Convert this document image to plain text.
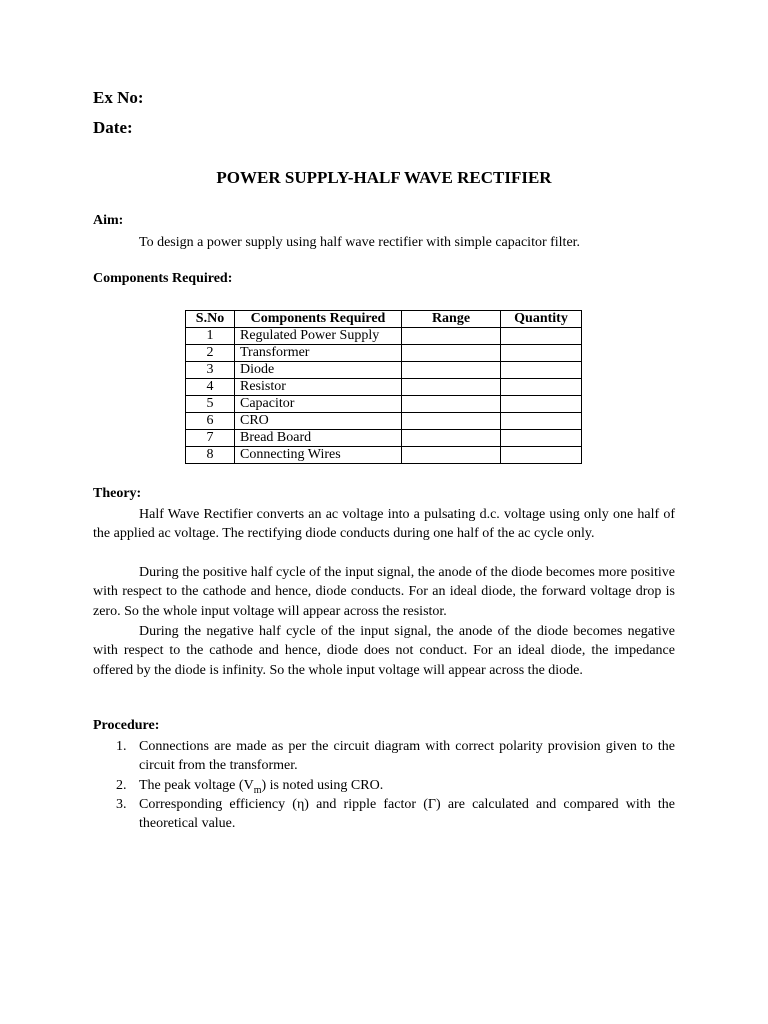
Ex No:
Date:
POWER SUPPLY-HALF WAVE RECTIFIER
Aim:
To design a power supply using half wave rectifier with simple capacitor filter.
Components Required:
S.No	Components Required	Range	Quantity
1	Regulated Power Supply		
2	Transformer		
3	Diode		
4	Resistor		
5	Capacitor		
6	CRO		
7	Bread Board		
8	Connecting Wires		
Theory:
Half Wave Rectifier converts an ac voltage into a pulsating d.c. voltage using only one half of the applied ac voltage. The rectifying diode conducts during one half of the ac cycle only.
During the positive half cycle of the input signal, the anode of the diode becomes more positive with respect to the cathode and hence, diode conducts. For an ideal diode, the forward voltage drop is zero. So the whole input voltage will appear across the resistor.
During the negative half cycle of the input signal, the anode of the diode becomes negative with respect to the cathode and hence, diode does not conduct. For an ideal diode, the impedance offered by the diode is infinity. So the whole input voltage will appear across the diode.
Procedure:
1. Connections are made as per the circuit diagram with correct polarity provision given to the circuit from the transformer.
2. The peak voltage $(V_m)$ is noted using CRO.
3. Corresponding efficiency (η) and ripple factor (Γ) are calculated and compared with the theoretical value.
